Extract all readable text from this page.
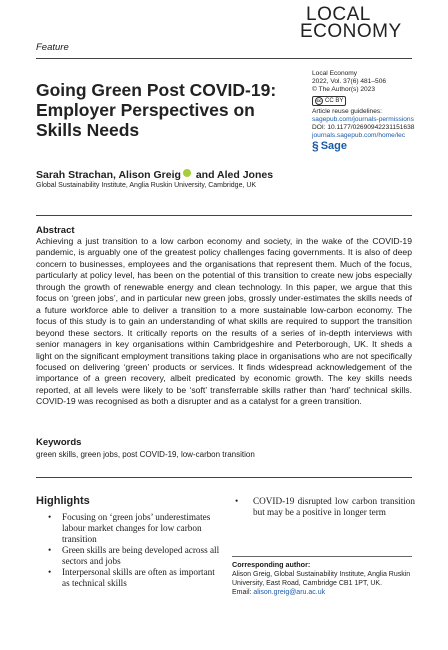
Feature
LOCAL
ECONOMY
Going Green Post COVID-19: Employer Perspectives on Skills Needs
Local Economy
2022, Vol. 37(6) 481–506
© The Author(s) 2023
cc CC BY
Article reuse guidelines:
sagepub.com/journals-permissions
DOI: 10.1177/02690942231151638
journals.sagepub.com/home/lec
§ Sage
Sarah Strachan, Alison Greig and Aled Jones
Global Sustainability Institute, Anglia Ruskin University, Cambridge, UK
Abstract
Achieving a just transition to a low carbon economy and society, in the wake of the COVID-19 pandemic, is arguably one of the greatest policy challenges facing governments. It is also of deep concern to businesses, employees and the organisations that represent them. Much of the focus, particularly at policy level, has been on the potential of this transition to create new jobs especially through the growth of renewable energy and clean technology. In this paper, we argue that this focus on ‘green jobs’, and in particular new green jobs, grossly under-estimates the skills needs of a future workforce able to deliver a transition to a more sustainable low-carbon economy. The focus of this study is to gain an understanding of what skills are required to support the transition beyond these sectors. It critically reports on the results of a series of in-depth interviews with senior managers in key organisations within Cambridgeshire and Peterborough, UK. It sheds a light on the significant employment transitions taking place in organisations who are not specifically focused on delivering ‘green’ products or services. It finds widespread acknowledgement of the importance of a green recovery, albeit predicated by economic growth. The key skills needs reported, at all levels were likely to be ‘soft’ transferrable skills rather than ‘hard’ technical skills. COVID-19 was recognised as both a disrupter and as a catalyst for a green transition.
Keywords
green skills, green jobs, post COVID-19, low-carbon transition
Highlights
• Focusing on ‘green jobs’ underestimates labour market changes for low carbon transition
• Green skills are being developed across all sectors and jobs
• Interpersonal skills are often as important as technical skills
• COVID-19 disrupted low carbon transition but may be a positive in longer term
Corresponding author:
Alison Greig, Global Sustainability Institute, Anglia Ruskin University, East Road, Cambridge CB1 1PT, UK.
Email: alison.greig@aru.ac.uk
